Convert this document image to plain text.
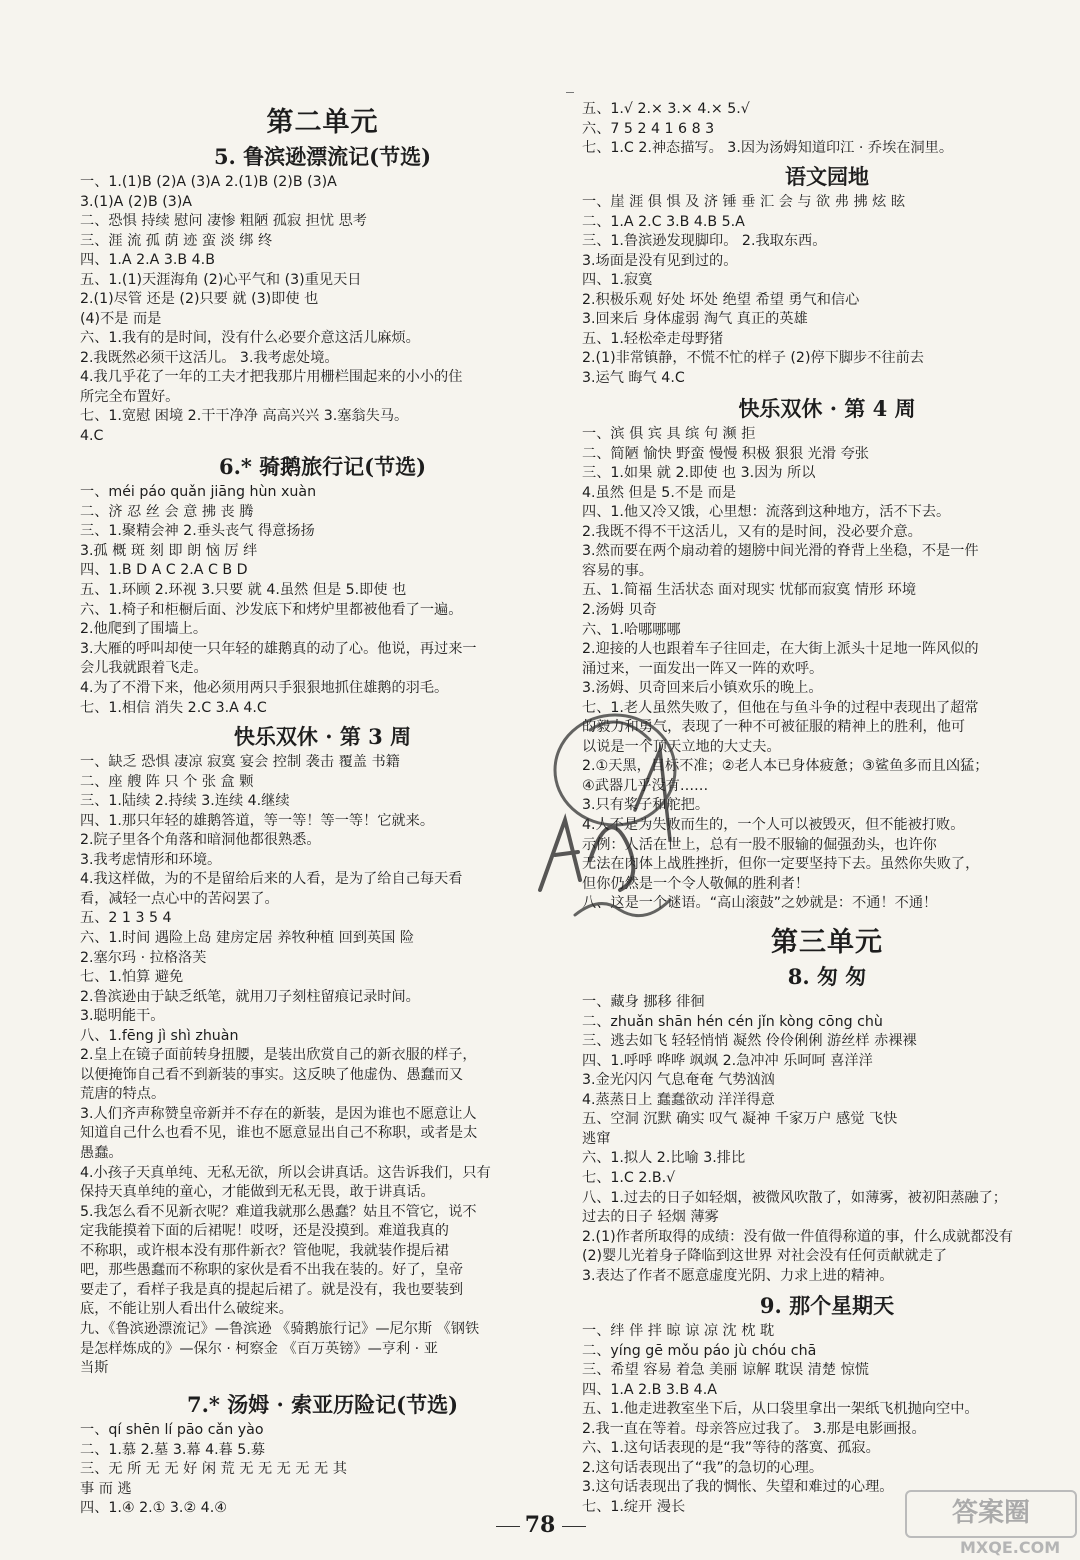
第二单元
5. 鲁滨逊漂流记(节选)
一、1.(1)B (2)A (3)A 2.(1)B (2)B (3)A
3.(1)A (2)B (3)A
二、恐惧 持续 慰问 凄惨 粗陋 孤寂 担忧 思考
三、涯 流 孤 荫 迹 蛮 淡 绑 终
四、1.A 2.A 3.B 4.B
五、1.(1)天涯海角 (2)心平气和 (3)重见天日
2.(1)尽管 还是 (2)只要 就 (3)即使 也
(4)不是 而是
六、1.我有的是时间，没有什么必要介意这活儿麻烦。
2.我既然必须干这活儿。 3.我考虑处境。
4.我几乎花了一年的工夫才把我那片用栅栏围起来的小小的住
所完全布置好。
七、1.宽慰 困境 2.干干净净 高高兴兴 3.塞翁失马。
4.C
6.* 骑鹅旅行记(节选)
一、méi páo quǎn jiāng hùn xuàn
二、济 忍 丝 会 意 拂 丧 腾
三、1.聚精会神 2.垂头丧气 得意扬扬
3.孤 概 斑 刻 即 朗 恼 厉 绊
四、1.B D A C 2.A C B D
五、1.环顾 2.环视 3.只要 就 4.虽然 但是 5.即使 也
六、1.椅子和柜橱后面、沙发底下和烤炉里都被他看了一遍。
2.他爬到了围墙上。
3.大雁的呼叫却使一只年轻的雄鹅真的动了心。他说，再过来一
会儿我就跟着飞走。
4.为了不滑下来，他必须用两只手狠狠地抓住雄鹅的羽毛。
七、1.相信 消失 2.C 3.A 4.C
快乐双休 · 第 3 周
一、缺乏 恐惧 凄凉 寂寞 宴会 控制 袭击 覆盖 书籍
二、座 艘 阵 只 个 张 盒 颗
三、1.陆续 2.持续 3.连续 4.继续
四、1.那只年轻的雄鹅答道，等一等！等一等！它就来。
2.院子里各个角落和暗洞他都很熟悉。
3.我考虑情形和环境。
4.我这样做，为的不是留给后来的人看，是为了给自己每天看
看，减轻一点心中的苦闷罢了。
五、2 1 3 5 4
六、1.时间 遇险上岛 建房定居 养牧种植 回到英国 险
2.塞尔玛 · 拉格洛芙
七、1.怕算 避免
2.鲁滨逊由于缺乏纸笔，就用刀子刻柱留痕记录时间。
3.聪明能干。
八、1.fēng jì shì zhuàn
2.皇上在镜子面前转身扭腰，是装出欣赏自己的新衣服的样子，
以便掩饰自己看不到新装的事实。这反映了他虚伪、愚蠢而又
荒唐的特点。
3.人们齐声称赞皇帝新并不存在的新装，是因为谁也不愿意让人
知道自己什么也看不见，谁也不愿意显出自己不称职，或者是太
愚蠢。
4.小孩子天真单纯、无私无欲，所以会讲真话。这告诉我们，只有
保持天真单纯的童心，才能做到无私无畏，敢于讲真话。
5.我怎么看不见新衣呢？难道我就那么愚蠢？姑且不管它，说不
定我能摸着下面的后裙呢！哎呀，还是没摸到。难道我真的
不称职，或许根本没有那件新衣？管他呢，我就装作提后裙
吧，那些愚蠢而不称职的家伙是看不出我在装的。好了，皇帝
要走了，看样子我是真的提起后裙了。就是没有，我也要装到
底，不能让别人看出什么破绽来。
九、《鲁滨逊漂流记》—鲁滨逊 《骑鹅旅行记》—尼尔斯 《钢铁
是怎样炼成的》—保尔 · 柯察金 《百万英镑》—亨利 · 亚
当斯
7.* 汤姆 · 索亚历险记(节选)
一、qí shēn lí pāo cǎn yào
二、1.慕 2.墓 3.幕 4.暮 5.募
三、无 所 无 无 好 闲 荒 无 无 无 无 无 其
事 而 逃
四、1.④ 2.① 3.② 4.④
五、1.√ 2.× 3.× 4.× 5.√
六、7 5 2 4 1 6 8 3
七、1.C 2.神态描写。 3.因为汤姆知道印江 · 乔埃在洞里。
语文园地
一、崖 涯 俱 惧 及 济 锤 垂 汇 会 与 欲 弗 拂 炫 眩
二、1.A 2.C 3.B 4.B 5.A
三、1.鲁滨逊发现脚印。 2.我取东西。
3.场面是没有见到过的。
四、1.寂寞
2.积极乐观 好处 坏处 绝望 希望 勇气和信心
3.回来后 身体虚弱 淘气 真正的英雄
五、1.轻松牵走母野猪
2.(1)非常镇静，不慌不忙的样子 (2)停下脚步不往前去
3.运气 晦气 4.C
快乐双休 · 第 4 周
一、滨 俱 宾 具 缤 句 濒 拒
二、简陋 愉快 野蛮 慢慢 积极 狠狠 光滑 夸张
三、1.如果 就 2.即使 也 3.因为 所以
4.虽然 但是 5.不是 而是
四、1.他又冷又饿，心里想：流落到这种地方，活不下去。
2.我既不得不干这活儿，又有的是时间，没必要介意。
3.然而要在两个扇动着的翅膀中间光滑的脊背上坐稳，不是一件
容易的事。
五、1.简福 生活状态 面对现实 忧郁而寂寞 情形 环境
2.汤姆 贝奇
六、1.哈哪哪哪
2.迎接的人也跟着车子往回走，在大街上派头十足地一阵风似的
涌过来，一面发出一阵又一阵的欢呼。
3.汤姆、贝奇回来后小镇欢乐的晚上。
七、1.老人虽然失败了，但他在与鱼斗争的过程中表现出了超常
的毅力和勇气，表现了一种不可被征服的精神上的胜利，他可
以说是一个顶天立地的大丈夫。
2.①天黑，目标不准；②老人本已身体疲惫；③鲨鱼多而且凶猛；
④武器几乎没有……
3.只有桨子和舵把。
4.人不是为失败而生的，一个人可以被毁灭，但不能被打败。
示例：人活在世上，总有一股不服输的倔强劲头，也许你
无法在肉体上战胜挫折，但你一定要坚持下去。虽然你失败了，
但你仍然是一个令人敬佩的胜利者！
八、这是一个谜语。“高山滚鼓”之妙就是：不通！不通！
第三单元
8. 匆 匆
一、藏身 挪移 徘徊
二、zhuǎn shān hén cén jǐn kòng cōng chù
三、逃去如飞 轻轻悄悄 凝然 伶伶俐俐 游丝样 赤裸裸
四、1.呼呼 哗哗 飒飒 2.急冲冲 乐呵呵 喜洋洋
3.金光闪闪 气息奄奄 气势汹汹
4.蒸蒸日上 蠢蠢欲动 洋洋得意
五、空洞 沉默 确实 叹气 凝神 千家万户 感觉 飞快
逃窜
六、1.拟人 2.比喻 3.排比
七、1.C 2.B.√
八、1.过去的日子如轻烟，被微风吹散了，如薄雾，被初阳蒸融了；
过去的日子 轻烟 薄雾
2.(1)作者所取得的成绩：没有做一件值得称道的事，什么成就都没有
(2)婴儿光着身子降临到这世界 对社会没有任何贡献就走了
3.表达了作者不愿意虚度光阴、力求上进的精神。
9. 那个星期天
一、绊 伴 拌 晾 谅 凉 沈 枕 耽
二、yíng gē mǒu páo jù chóu chā
三、希望 容易 着急 美丽 谅解 耽误 清楚 惊慌
四、1.A 2.B 3.B 4.A
五、1.他走进教室坐下后，从口袋里拿出一架纸飞机抛向空中。
2.我一直在等着。母亲答应过我了。 3.那是电影画报。
六、1.这句话表现的是“我”等待的落寞、孤寂。
2.这句话表现出了“我”的急切的心理。
3.这句话表现出了我的惆怅、失望和难过的心理。
七、1.绽开 漫长
78	答案圈
MXQE.COM
